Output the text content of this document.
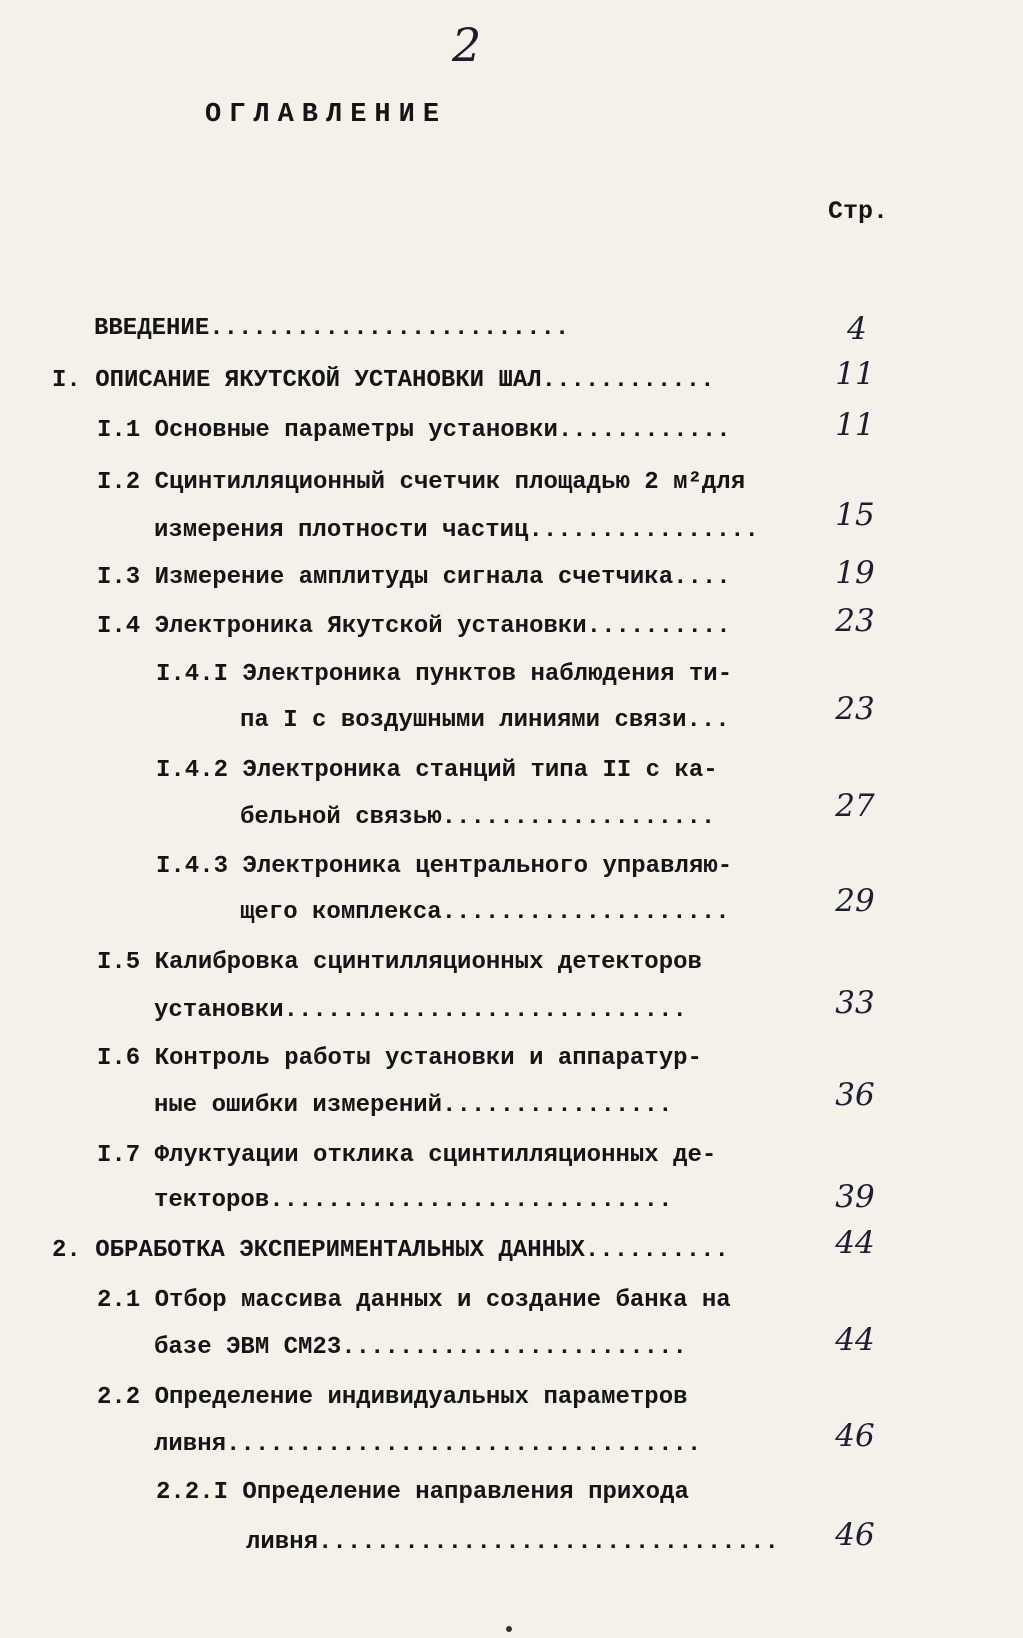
2
ОГЛАВЛЕНИЕ
Стр.
ВВЕДЕНИЕ.........................	4
I. ОПИСАНИЕ ЯКУТСКОЙ УСТАНОВКИ ШАЛ............	11
I.1 Основные параметры установки............	11
I.2 Сцинтилляционный счетчик площадью 2 м²для
измерения плотности частиц................	15
I.3 Измерение амплитуды сигнала счетчика....	19
I.4 Электроника Якутской установки..........	23
I.4.I Электроника пунктов наблюдения ти-
па I с воздушными линиями связи...	23
I.4.2 Электроника станций типа II с ка-
бельной связью...................	27
I.4.3 Электроника центрального управляю-
щего комплекса....................	29
I.5 Калибровка сцинтилляционных детекторов
установки............................	33
I.6 Контроль работы установки и аппаратур-
ные ошибки измерений................	36
I.7 Флуктуации отклика сцинтилляционных де-
текторов............................	39
2. ОБРАБОТКА ЭКСПЕРИМЕНТАЛЬНЫХ ДАННЫХ..........	44
2.1 Отбор массива данных и создание банка на
базе ЭВМ СМ23........................	44
2.2 Определение индивидуальных параметров
ливня.................................	46
2.2.I Определение направления прихода
ливня................................	46
